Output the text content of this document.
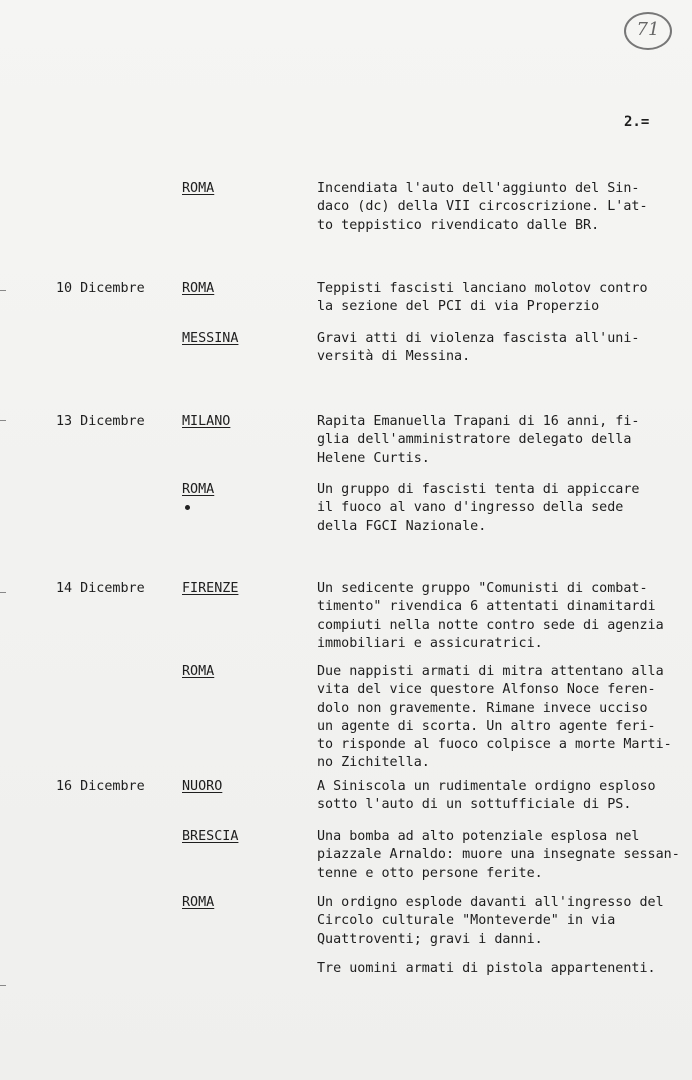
71
2.=
ROMA	Incendiata l'auto dell'aggiunto del Sin-
daco (dc) della VII circoscrizione. L'at-
to teppistico rivendicato dalle BR.
10 Dicembre	ROMA	Teppisti fascisti lanciano molotov contro
la sezione del PCI di via Properzio
MESSINA	Gravi atti di violenza fascista all'uni-
versità di Messina.
13 Dicembre	MILANO	Rapita Emanuella Trapani di 16 anni, fi-
glia dell'amministratore delegato della
Helene Curtis.
ROMA	Un gruppo di fascisti tenta di appiccare
il fuoco al vano d'ingresso della sede
della FGCI Nazionale.
14 Dicembre	FIRENZE	Un sedicente gruppo "Comunisti di combat-
timento" rivendica 6 attentati dinamitardi
compiuti nella notte contro sede di agenzia
immobiliari e assicuratrici.
ROMA	Due nappisti armati di mitra attentano alla
vita del vice questore Alfonso Noce feren-
dolo non gravemente. Rimane invece ucciso
un agente di scorta. Un altro agente feri-
to risponde al fuoco colpisce a morte Marti-
no Zichitella.
16 Dicembre	NUORO	A Siniscola un rudimentale ordigno esploso
sotto l'auto di un sottufficiale di PS.
BRESCIA	Una bomba ad alto potenziale esplosa nel
piazzale Arnaldo: muore una insegnate sessan-
tenne e otto persone ferite.
ROMA	Un ordigno esplode davanti all'ingresso del
Circolo culturale "Monteverde" in via
Quattroventi; gravi i danni.
Tre uomini armati di pistola appartenenti.
